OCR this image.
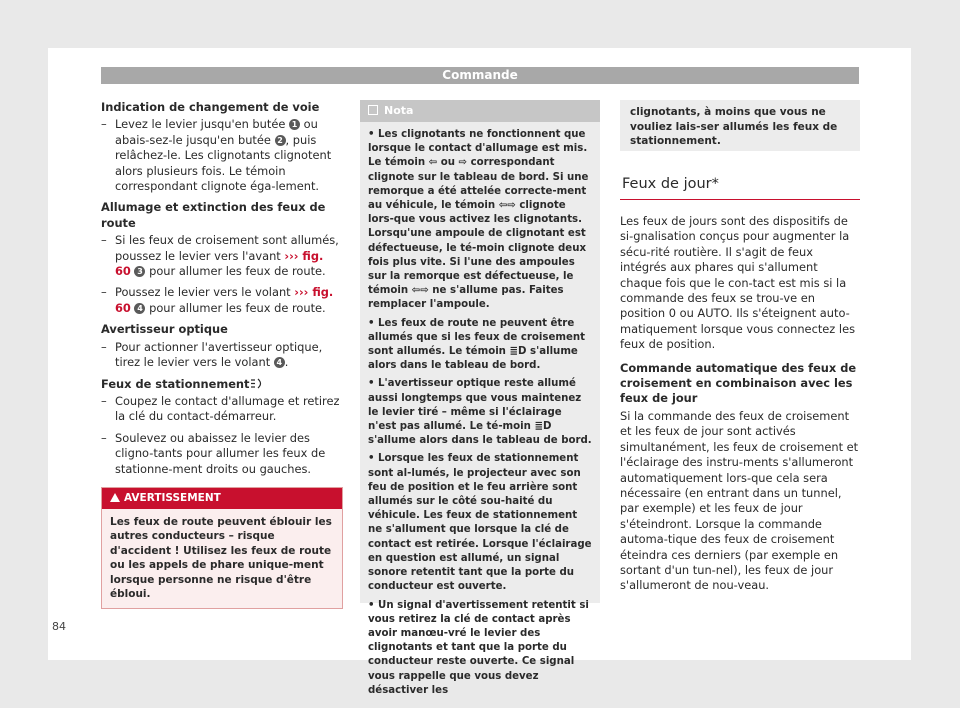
Commande
Indication de changement de voie
– Levez le levier jusqu'en butée 1 ou abais-sez-le jusqu'en butée 2 , puis relâchez-le. Les clignotants clignotent alors plusieurs fois. Le témoin correspondant clignote éga-lement.
Allumage et extinction des feux de route
– Si les feux de croisement sont allumés, poussez le levier vers l'avant ››› fig. 60 3 pour allumer les feux de route.
– Poussez le levier vers le volant ››› fig. 60 4 pour allumer les feux de route.
Avertisseur optique
– Pour actionner l'avertisseur optique, tirez le levier vers le volant 4 .
Feux de stationnement
– Coupez le contact d'allumage et retirez la clé du contact-démarreur.
– Soulevez ou abaissez le levier des cligno-tants pour allumer les feux de stationne-ment droits ou gauches.
AVERTISSEMENT
Les feux de route peuvent éblouir les autres conducteurs – risque d'accident ! Utilisez les feux de route ou les appels de phare unique-ment lorsque personne ne risque d'être ébloui.
Nota

• Les clignotants ne fonctionnent que lorsque le contact d'allumage est mis. Le témoin ⇦ ou ⇨ correspondant clignote sur le tableau de bord. Si une remorque a été attelée correcte-ment au véhicule, le témoin ⇦⇨ clignote lors-que vous activez les clignotants. Lorsqu'une ampoule de clignotant est défectueuse, le té-moin clignote deux fois plus vite. Si l'une des ampoules sur la remorque est défectueuse, le témoin ⇦⇨ ne s'allume pas. Faites remplacer l'ampoule.

• Les feux de route ne peuvent être allumés que si les feux de croisement sont allumés. Le témoin ≣D s'allume alors dans le tableau de bord.

• L'avertisseur optique reste allumé aussi longtemps que vous maintenez le levier tiré – même si l'éclairage n'est pas allumé. Le té-moin ≣D s'allume alors dans le tableau de bord.

• Lorsque les feux de stationnement sont al-lumés, le projecteur avec son feu de position et le feu arrière sont allumés sur le côté sou-haité du véhicule. Les feux de stationnement ne s'allument que lorsque la clé de contact est retirée. Lorsque l'éclairage en question est allumé, un signal sonore retentit tant que la porte du conducteur est ouverte.

• Un signal d'avertissement retentit si vous retirez la clé de contact après avoir manœu-vré le levier des clignotants et tant que la porte du conducteur reste ouverte. Ce signal vous rappelle que vous devez désactiver les

clignotants, à moins que vous ne vouliez lais-ser allumés les feux de stationnement.
Feux de jour*
Les feux de jours sont des dispositifs de si-gnalisation conçus pour augmenter la sécu-rité routière. Il s'agit de feux intégrés aux phares qui s'allument chaque fois que le con-tact est mis si la commande des feux se trou-ve en position 0 ou AUTO. Ils s'éteignent auto-matiquement lorsque vous connectez les feux de position.
Commande automatique des feux de croisement en combinaison avec les feux de jour
Si la commande des feux de croisement et les feux de jour sont activés simultanément, les feux de croisement et l'éclairage des instru-ments s'allumeront automatiquement lors-que cela sera nécessaire (en entrant dans un tunnel, par exemple) et les feux de jour s'éteindront. Lorsque la commande automa-tique des feux de croisement éteindra ces derniers (par exemple en sortant d'un tun-nel), les feux de jour s'allumeront de nou-veau.
84
